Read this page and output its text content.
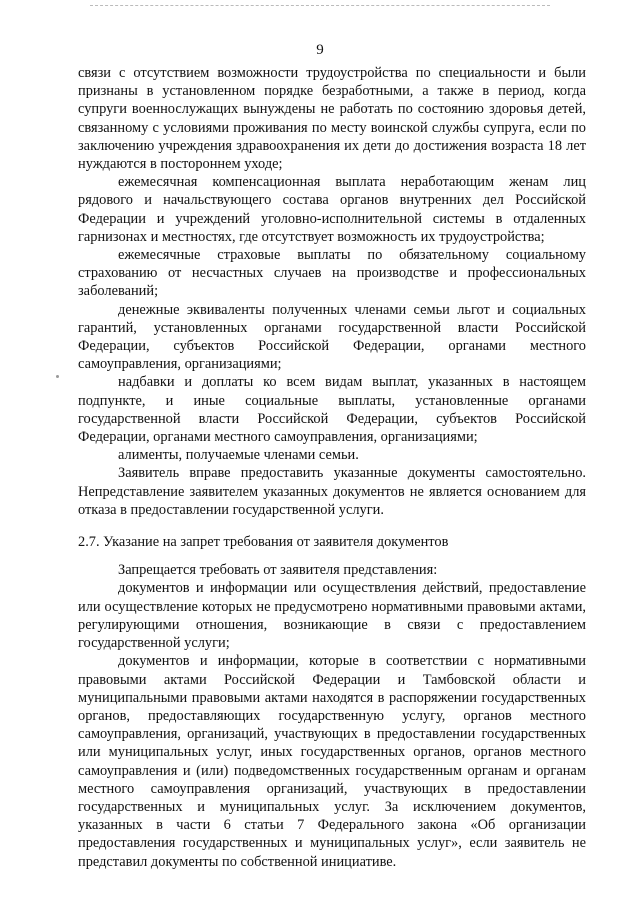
9

связи с отсутствием возможности трудоустройства по специальности и были признаны в установленном порядке безработными, а также в период, когда супруги военнослужащих вынуждены не работать по состоянию здоровья детей, связанному с условиями проживания по месту воинской службы супруга, если по заключению учреждения здравоохранения их дети до достижения возраста 18 лет нуждаются в постороннем уходе;

ежемесячная компенсационная выплата неработающим женам лиц рядового и начальствующего состава органов внутренних дел Российской Федерации и учреждений уголовно-исполнительной системы в отдаленных гарнизонах и местностях, где отсутствует возможность их трудоустройства;

ежемесячные страховые выплаты по обязательному социальному страхованию от несчастных случаев на производстве и профессиональных заболеваний;

денежные эквиваленты полученных членами семьи льгот и социальных гарантий, установленных органами государственной власти Российской Федерации, субъектов Российской Федерации, органами местного самоуправления, организациями;

надбавки и доплаты ко всем видам выплат, указанных в настоящем подпункте, и иные социальные выплаты, установленные органами государственной власти Российской Федерации, субъектов Российской Федерации, органами местного самоуправления, организациями;

алименты, получаемые членами семьи.

Заявитель вправе предоставить указанные документы самостоятельно. Непредставление заявителем указанных документов не является основанием для отказа в предоставлении государственной услуги.

2.7. Указание на запрет требования от заявителя документов

Запрещается требовать от заявителя представления:

документов и информации или осуществления действий, предоставление или осуществление которых не предусмотрено нормативными правовыми актами, регулирующими отношения, возникающие в связи с предоставлением государственной услуги;

документов и информации, которые в соответствии с нормативными правовыми актами Российской Федерации и Тамбовской области и муниципальными правовыми актами находятся в распоряжении государственных органов, предоставляющих государственную услугу, органов местного самоуправления, организаций, участвующих в предоставлении государственных или муниципальных услуг, иных государственных органов, органов местного самоуправления и (или) подведомственных государственным органам и органам местного самоуправления организаций, участвующих в предоставлении государственных и муниципальных услуг. За исключением документов, указанных в части 6 статьи 7 Федерального закона «Об организации предоставления государственных и муниципальных услуг», если заявитель не представил документы по собственной инициативе.
